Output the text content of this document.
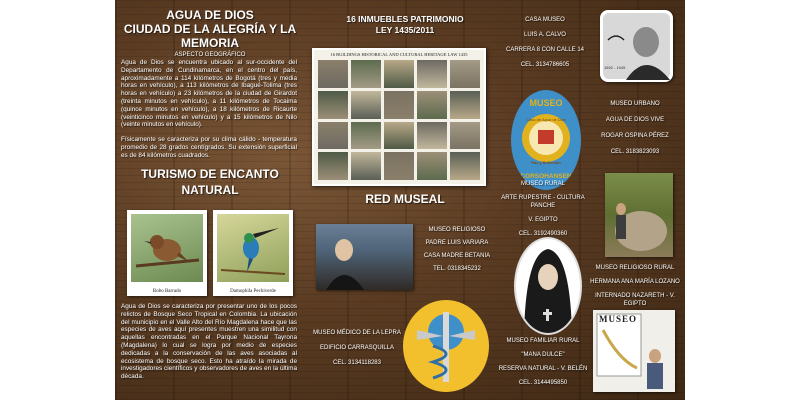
AGUA DE DIOS
CIUDAD DE LA ALEGRÍA Y LA MEMORIA
ASPECTO GEOGRÁFICO
Agua de Dios se encuentra ubicado al sur-occidente del Departamento de Cundinamarca, en el centro del país, aproximadamente a 114 kilómetros de Bogotá (tres y media horas en vehículo), a 113 kilómetros de Ibagué-Tolima (tres horas en vehículo) a 23 kilómetros de la ciudad de Girardot (treinta minutos en vehículo), a 11 kilómetros de Tocaima (quince minutos en vehículo), a 18 kilómetros de Ricaurte (veinticinco minutos en vehículo) y a 15 kilómetros de Nilo (veinte minutos en vehículo).
Físicamente se caracteriza por su clima cálido - temperatura promedio de 28 grados centígrados. Su extensión superficial es de 84 kilómetros cuadrados.
TURISMO DE ENCANTO
NATURAL
Bobo Barrado	Damophila Pechiverde
Agua de Dios se caracteriza por presentar uno de los pocos relictos de Bosque Seco Tropical en Colombia. La ubicación del municipio en el Valle Alto del Río Magdalena hace que las especies de aves aquí presentes muestren una similitud con aquellas encontradas en el Parque Nacional Tayrona (Magdalena) lo cual se logra por medio de especies dedicadas a la conservación de las aves asociadas al ecosistema de bosque seco. Esto ha atraído la mirada de investigadores científicos y observadores de aves en la última década.
16 INMUEBLES PATRIMONIO
LEY 1435/2011
16 BUILDINGS HISTORICAL AND CULTURAL HERITAGE LAW 1435
RED MUSEAL
MUSEO RELIGIOSO
PADRE LUIS VARIARA
CASA MADRE BETANIA
TEL. 0318345232
MUSEO MÉDICO DE LA LEPRA
EDIFICIO CARRASQUILLA
CEL. 3134118283
CASA MUSEO
LUIS A. CALVO
CARRERA 8 CON CALLE 14
CEL. 3134786605	1892 - 1945
MUSEO
Casa de Agua de Dios
Paz y Reflexión
CORSOHANSEN
MUSEO URBANO
AGUA DE DIOS VIVE
ROGAR OSPINA PÉREZ
CEL. 3183823093
MUSEO RURAL
ARTE RUPESTRE - CULTURA PANCHE
V. EGIPTO
CEL. 3192490360
MUSEO RELIGIOSO RURAL
HERMANA ANA MARÍA LOZANO
INTERNADO NAZARETH - V. EGIPTO
MUSEO FAMILIAR RURAL
"MANA DULCE"
RESERVA NATURAL - V. BELÉN
CEL. 3144495850
MUSEO
